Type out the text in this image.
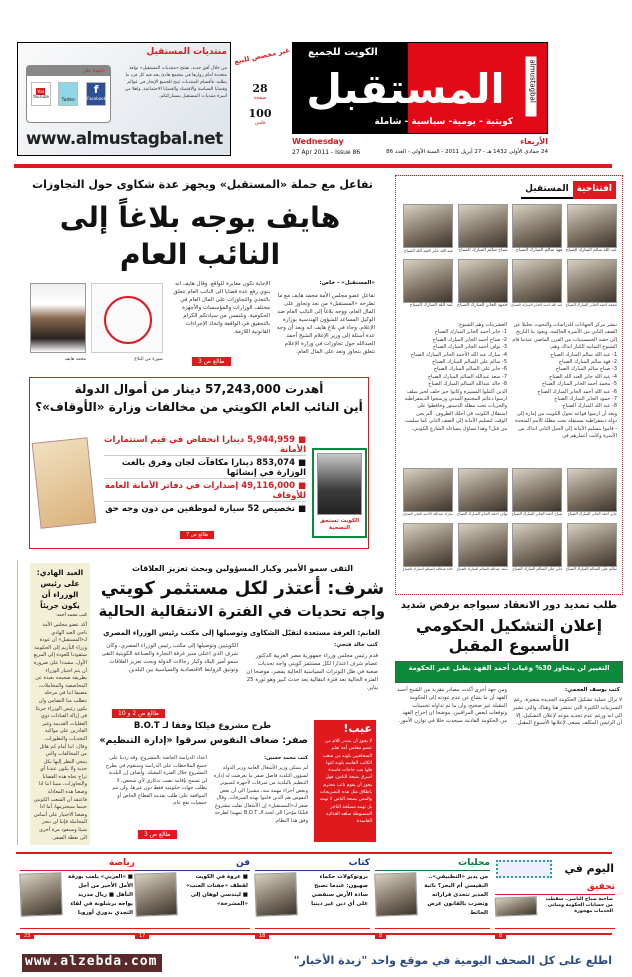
الكويت للجميع
المستقبل
كويتية - يومية- سياسية - شاملة
almustagbal
Wednesday	الأربعاء
27 Apr 2011 - Issue 86	24 جمادى الأولى 1432 هـ - 27 أبريل 2011 - السنة الأولى - العدد 86
غير مخصص للبيع
28
صفحة
100
فلس
منتديات المستقبل
تابعونا على
You
YouTube
Twitter
f
Facebook
من خلال أفق جديد، تفتتح «منتديات المستقبل» نوافذ متعددة أمام زوارها في مجتمع هادئ يجد فيه كل فرد ما يطلبه. فأقسام المنتديات تتيح للجميع الإبحار في عوالم وقضايا السياسة والاقتصاد والقضايا الاجتماعية. واهلا من أسرة منتديات المستقبل بمشاركتكم.
www.almustagbal.net
تفاعل مع حملة «المستقبل» ويجهز عدة شكاوى حول التجاوزات
هايف يوجه بلاغاً إلى النائب العام
«المستقبل» - خاص:
تفاعل عضو مجلس الأمة محمد هايف مع ما تطرحه «المستقبل» من تعد وتجاوز على المال العام، ووجه بلاغاً إلى النائب العام ضد الوكيل المساعد للشؤون الهندسية بوزارة الإعلام. وجاء في بلاغ هايف انه وبعد أن وجه عدة أسئلة إلى وزير الإعلام الشيخ أحمد العبدالله حول تجاوزات في وزارة الإعلام تتعلق بتجاوز وتعد على المال العام.
الإجابة تكون مغايرة للواقع. وقال هايف انه ينوي رفع عدة قضايا الى النائب العام تتعلق بالتعدي والتجاوزات على المال العام في مختلف الوزارات والمؤسسات والأجهزة الحكومية. ونلتمس من سيادتكم الكرام بالتحقيق في الواقعة واتخاذ الإجراءات القانونية اللازمة.
طالع ص 3
صورة من البلاغ
محمد هايف
أهدرت 57,243,000 دينار من أموال الدولة
أين النائب العام الكويتي من مخالفات وزارة «الأوقاف»؟
■ 5,944,959 دينارا انخفاض في قيم استثمارات الأمانة
■ 853,074 دينارا مكافآت لجان وفرق بالغت الوزارة في إنشائها
■ 49,116,000 إصدارات في دفاتر الأمانة العامة للأوقاف
■ تخصيص 52 سيارة لموظفين من دون وجه حق
طالع ص 7
الكويت تستحق التضحية
التقى سمو الأمير وكبار المسؤولين وبحث تعزيز العلاقات
شرف: أعتذر لكل مستثمر كويتي
واجه تحديات في الفترة الانتقالية الحالية
الغانم: الغرفة مستعدة لتقبّل الشكاوى وتوصيلها إلى مكتب رئيس الوزراء المصري
كتب خالد فتحي:
قدم رئيس مجلس وزراء جمهورية مصر العربية الدكتور عصام شرف اعتذارا لكل مستثمر كويتي واجه تحديات صعبة في ظل التوترات السياسية الحالية بمصر، موضحا ان الفترة الحالية تعد فترة انتقالية بعد حدث كبير وهو ثورة 25 يناير.
الكويتيين وتوصيلها إلى مكتب رئيس الوزراء المصري. وكان شرف الذي اعتلى منبر غرفة التجارة والصناعة الكويتية التقى سمو أمير البلاد وكبار رجالات الدولة وبحث تعزيز العلاقات وتوثيق الروابط الاقتصادية والسياسية بين البلدين.
طالع ص 2 و 10
العبد الهادي: على رئيس الوزراء أن يكون جريئاً
كتب محمد أحمد:
أكد عضو مجلس الأمة ناجي العبد الهادي لـ«المستقبل» أن عودة وزراء التأزيم إلى الحكومة ستقودنا للعودة إلى المربع الأول، مشددا على ضرورة أن يتم اختيار الوزراء بطريقة صحيحة بعيدة عن المحاصصة والمجاملات، مضيفا اننا في مرحلة تتطلب منا التضامن وان يكون رئيس الوزراء جريئا في إزالة القيادات ذوي العقليات القديمة وغير القادرين على مواكبة التحديات والتطورات. وقال: اننا أمام كم هائل من المخالفات والتي ينبغي النظر إليها بكل جدية ولا يكون عندنا أي تراخ تجاه هذه القضايا والتجاوزات، مبينا اننا اذا وضعنا هذه المعادلة فاعتقد أن الشعب الكويتي حينما سيحترمها، أما اذا وضعنا الاختيار على أساس المجاملة فإننا لن ننجز شيئا وسنعود مرة أخرى الى نقطة الصفر.
عيب!
لا يجوز أن يصدر كلام من عضو مجلس أمة تعلم الصحافيين بلونه من شعب الكاتب الفاسد بلونه انتها فلها مت حاجات فاسدة أسرق بصحة الناس، فهل يجوز أن يقوم نائب محترم باطلاق مثل هذه التصريحات والمس بصحة الناس لا تهمه بل تهمه مصلحة التاجر المضبوطة سلعه الغذائية الفاسدة.
طرح مشروع فيلكا وفقا لـ B.O.T
صفر: ضعاف النفوس سرقوا «إدارة التنظيم»
كتب محمد حسين:
لم يتمكن وزير الأشغال العامة وزير الدولة لشؤون البلدية فاضل صفر ما تعرضت له إدارة التنظيم بالبلدية من سرقات لأجهزة كمبيوتر وبعض أجزاء مهمة منه، مشيرا الى أن بعض النفوس هم الذين قاموا بهذه السرقات. وقال صفر لـ«المستقبل» إن الأشغال نقلت مشروع فيلكا مؤخرا الى لجنة الـ B.O.T تمهيدا لطرحه وفق هذا النظام.
اعداد الدراسة الخاصة بالمشروع، وقد ردتنا على جميع الملاحظات على الدراسة وستقوم في بطرح المشروع خلال الفترة المقبلة. وأضاف إن البلدية لن تسمح بإقامة نصب تذكاري لأي شخص، لا يطلب جهات حكومية فقط دون غيرها، ولن تتم الموافقة على طلب يقدمه القطاع الخاص أو جمعيات نفع عام.
طالع ص 3
المستقبل افتتاحية
عبد الله سالم المبارك الصباح
فهد سالم المبارك الصباح
صباح سالم المبارك الصباح
عبد الله جابر العبد الله الصباح
محمد أحمد الجابر المبارك الصباح
عبد الله أحمد الجابر المبارك الصباح
حمود الجابر المبارك الصباح
عبد الله المبارك الصباح
تنشر مركز الجهادات للدراسات والبحوث تحليلا عن الصف الثاني من الأسرة الحاكمة، ويعود بنا التاريخ إلى حقبة الخمسينيات من القرن الماضي عندما قام الشيوخ الثمانية الكبار انذاك وهم:
1- عبد الله سالم المبارك الصباح
2- فهد سالم المبارك الصباح
3- صباح سالم المبارك الصباح
4- عبد الله جابر العبد الله الصباح
5- محمد أحمد الجابر المبارك الصباح
6- عبد الله أحمد الجابر المبارك الصباح
7- حمود الجابر المبارك الصباح
8- عبد الله المبارك الصباح
وبعد أن ارسوا قواعد تحول الكويت من إمارة إلى دولة ديمقراطية مستقلة تحت مظلة الأمم المتحدة - قاموا بتسليم الأمانة إلى الجيل الثاني انذاك من الأسرة وكانت أعمارهم في
العشرينات وهم الشيوخ:
1- جابر أحمد الجابر المبارك الصباح
2- صباح أحمد الجابر المبارك الصباح
3- نواف أحمد الجابر المبارك الصباح
4- مبارك عبد الله الأحمد الجابر المبارك الصباح
5- سالم علي السالم المبارك الصباح
6- جابر علي السالم المبارك الصباح
7- سعد عبدالله السالم المبارك الصباح
8- خالد عبدالله السالم المبارك الصباح
الذين أكملوا المسيرة وكانوا خير خلف لخير سلف ارسوا دعائم المجتمع المدني ورسخوا الديمقراطية والحريات تحت مظلة الدستور وحافظوا على استقلال الكويت في أحلك الظروف. ألم يحن الوقت لتسليم الأمانة إلى الصف الثاني كما سلمت من قبل؟ وهذا تساؤل يتساءله الشارع الكويتي.
جابر أحمد الجابر المبارك الصباح
صباح أحمد الجابر المبارك الصباح
نواف أحمد الجابر المبارك الصباح
مبارك عبدالله الأحمد الجابر الصباح
سالم علي السالم المبارك الصباح
جابر علي السالم المبارك الصباح
سعد عبدالله السالم المبارك الصباح
خالد عبدالله السالم المبارك الصباح
طلب تمديد دور الانعقاد سيواجه برفض شديد
إعلان التشكيل الحكومي الأسبوع المقبل
التغيير لن يتجاوز 30% وغياب أحمد الفهد يطيل عمر الحكومة
كتب يوسف العجمي:
لا تزال عملية تشكيل الحكومة الجديدة متعثرة، رغم التسريبات الكثيرة التي تنتشر هنا وهناك والتي تشير الى انه ورغم عدم تحديد موعد لإعلان التشكيل، إلا أن الرئيس المكلف يسعى لإعلانها الأسبوع المقبل.
ومن جهة أخرى أكدت مصادر مقربة من الشيخ أحمد الفهد أن ما يشاع عن عدم عودته إلى الحكومة المقبلة غير صحيح، وان ما تم تداوله تخمينات وتوقعات لبعض المراقبين، موضحا ان إخراج الفهد من الحكومة القادمة سيحدث خللا في توازن الأمور.
اليوم في
تحقيق
ضاحية صباح الناصر.. سقطت من حسابات الحكومة ومباني الخدمات مهجورة
8
محليات
من يدير «التطبيقي».. النفيسي أم البحر؟ نائبة المدير تتحدى قراراته وتضرب بالقانون عرض الحائط
8
كتاب
بروتوكولات حكماء صهيون: عندما نصبح سادة الأرض سنقضي على أي دين غير ديننا
18
فن
■ عروة في الكويت لقطف «جفنات العنب» ■ ليندسي لوهان إلى «المشرحة»
17
رياضة
■ «العربي» يلعب بورقة الأمل الأخير من أجل التأهل ■ ريال مدريد يواجه برشلونة في لقاء التحدي بدوري أوروبا
23
www.alzebda.com	اطلع على كل الصحف اليومية في موقع واحد "زبدة الأخبار"
